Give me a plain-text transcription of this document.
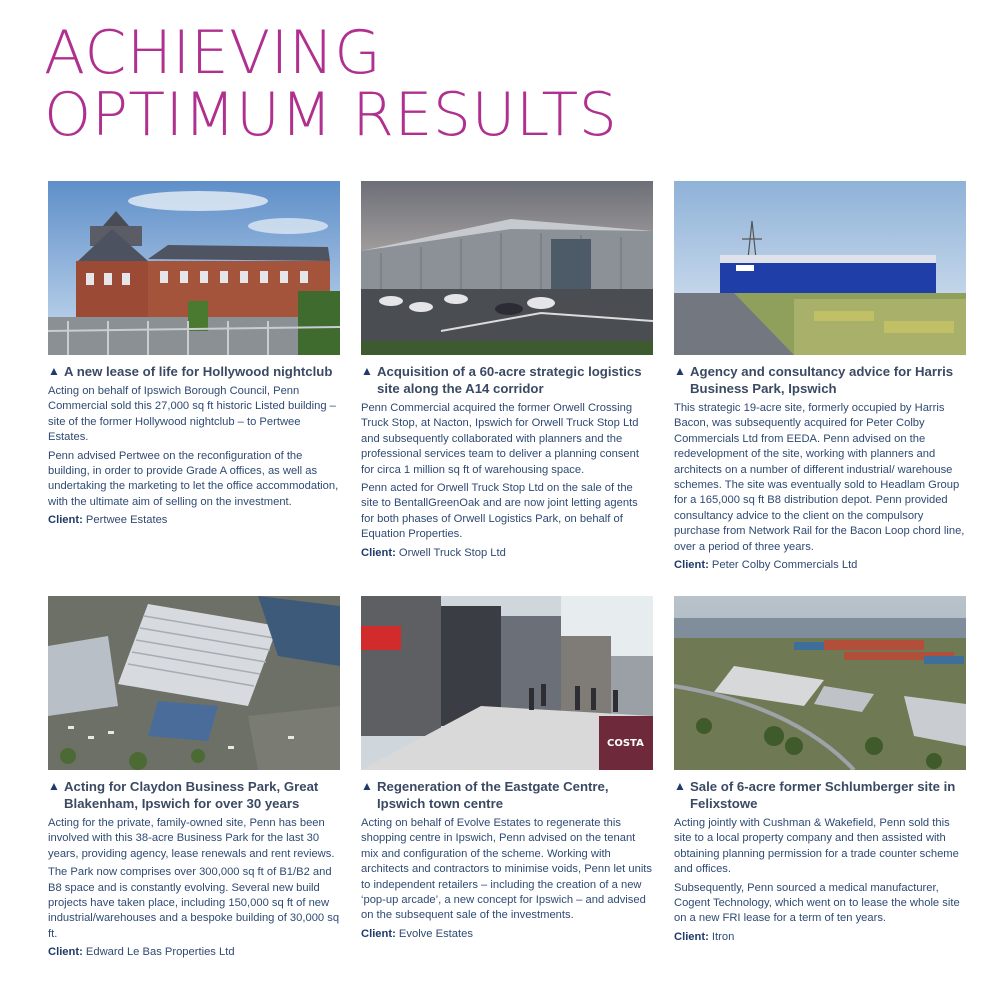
ACHIEVING
OPTIMUM RESULTS
▲ A new lease of life for Hollywood nightclub

Acting on behalf of Ipswich Borough Council, Penn Commercial sold this 27,000 sq ft historic Listed building – site of the former Hollywood nightclub – to Pertwee Estates.

Penn advised Pertwee on the reconfiguration of the building, in order to provide Grade A offices, as well as undertaking the marketing to let the office accommodation, with the ultimate aim of selling on the investment.

Client: Pertwee Estates
▲ Acquisition of a 60-acre strategic logistics site along the A14 corridor

Penn Commercial acquired the former Orwell Crossing Truck Stop, at Nacton, Ipswich for Orwell Truck Stop Ltd and subsequently collaborated with planners and the professional services team to deliver a planning consent for circa 1 million sq ft of warehousing space.

Penn acted for Orwell Truck Stop Ltd on the sale of the site to BentallGreenOak and are now joint letting agents for both phases of Orwell Logistics Park, on behalf of Equation Properties.

Client: Orwell Truck Stop Ltd
▲ Agency and consultancy advice for Harris Business Park, Ipswich

This strategic 19-acre site, formerly occupied by Harris Bacon, was subsequently acquired for Peter Colby Commercials Ltd from EEDA. Penn advised on the redevelopment of the site, working with planners and architects on a number of different industrial/ warehouse schemes. The site was eventually sold to Headlam Group for a 165,000 sq ft B8 distribution depot. Penn provided consultancy advice to the client on the compulsory purchase from Network Rail for the Bacon Loop chord line, over a period of three years.

Client: Peter Colby Commercials Ltd
▲ Acting for Claydon Business Park, Great Blakenham, Ipswich for over 30 years

Acting for the private, family-owned site, Penn has been involved with this 38-acre Business Park for the last 30 years, providing agency, lease renewals and rent reviews.

The Park now comprises over 300,000 sq ft of B1/B2 and B8 space and is constantly evolving. Several new build projects have taken place, including 150,000 sq ft of new industrial/warehouses and a bespoke building of 30,000 sq ft.

Client: Edward Le Bas Properties Ltd
COSTA
▲ Regeneration of the Eastgate Centre, Ipswich town centre

Acting on behalf of Evolve Estates to regenerate this shopping centre in Ipswich, Penn advised on the tenant mix and configuration of the scheme. Working with architects and contractors to minimise voids, Penn let units to independent retailers – including the creation of a new ‘pop-up arcade’, a new concept for Ipswich – and advised on the subsequent sale of the investments.

Client: Evolve Estates
▲ Sale of 6-acre former Schlumberger site in Felixstowe

Acting jointly with Cushman & Wakefield, Penn sold this site to a local property company and then assisted with obtaining planning permission for a trade counter scheme and offices.

Subsequently, Penn sourced a medical manufacturer, Cogent Technology, which went on to lease the whole site on a new FRI lease for a term of ten years.

Client: Itron
